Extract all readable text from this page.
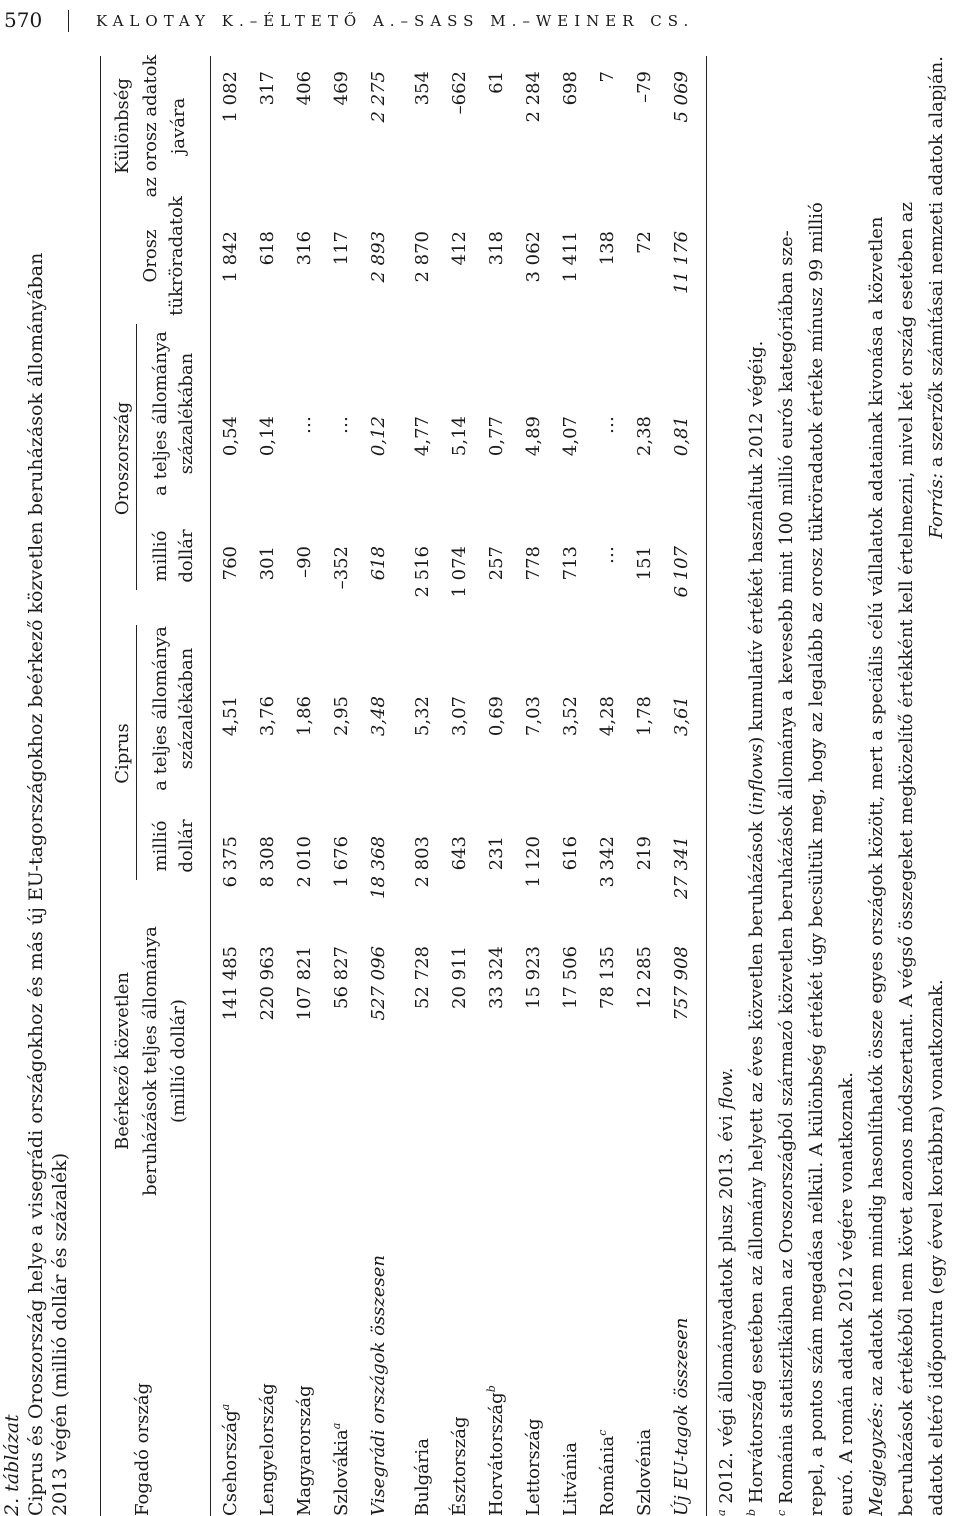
570	KALOTAY K.–ÉLTETŐ A.–SASS M.–WEINER CS.
2. táblázat Ciprus és Oroszország helye a visegrádi országokhoz és más új EU-tagországokhoz beérkező közvetlen beruházások állományában 2013 végén (millió dollár és százalék)	Fogadó ország
Beérkező közvetlen beruházások teljes állománya (millió dollár)
Ciprus
millió dollár
a teljes állománya százalékában
Oroszország
millió dollár
a teljes állománya százalékában
Orosz tükröradatok
Különbség az orosz adatok javára
Csehország$^a$
141 485
6 375
4,51
760
0,54
1 842
1 082
Lengyelország
220 963
8 308
3,76
301
0,14
618
317
Magyarország
107 821
2 010
1,86
–90
…
316
406
Szlovákia$^a$
56 827
1 676
2,95
–352
…
117
469
Visegrádi országok összesen
527 096
18 368
3,48
618
0,12
2 893
2 275
Bulgária
52 728
2 803
5,32
2 516
4,77
2 870
354
Észtország
20 911
643
3,07
1 074
5,14
412
–662
Horvátország$^b$
33 324
231
0,69
257
0,77
318
61
Lettország
15 923
1 120
7,03
778
4,89
3 062
2 284
Litvánia
17 506
616
3,52
713
4,07
1 411
698
Románia$^c$
78 135
3 342
4,28
…
…
138
7
Szlovénia
12 285
219
1,78
151
2,38
72
–79
Új EU-tagok összesen
757 908
27 341
3,61
6 107
0,81
11 176
5 069
$^a$ 2012. végi állományadatok plusz 2013. évi flow.
$^b$ Horvátország esetében az állomány helyett az éves közvetlen beruházások (inflows) kumulatív értékét használtuk 2012 végéig.
$^c$ Románia statisztikáiban az Oroszországból származó közvetlen beruházások állománya a kevesebb mint 100 millió eurós kategóriában sze- repel, a pontos szám megadása nélkül. A különbség értékét úgy becsültük meg, hogy az legalább az orosz tükröradatok értéke mínusz 99 millió euró. A román adatok 2012 végére vonatkoznak. Megjegyzés: az adatok nem mindig hasonlíthatók össze egyes országok között, mert a speciális célú vállalatok adatainak kivonása a közvetlen beruházások értékéből nem követ azonos módszertant. A végső összegeket megközelítő értékként kell értelmezni, mivel két ország esetében az adatok eltérő időpontra (egy évvel korábbra) vonatkoznak.
Forrás: a szerzők számításai nemzeti adatok alapján.
